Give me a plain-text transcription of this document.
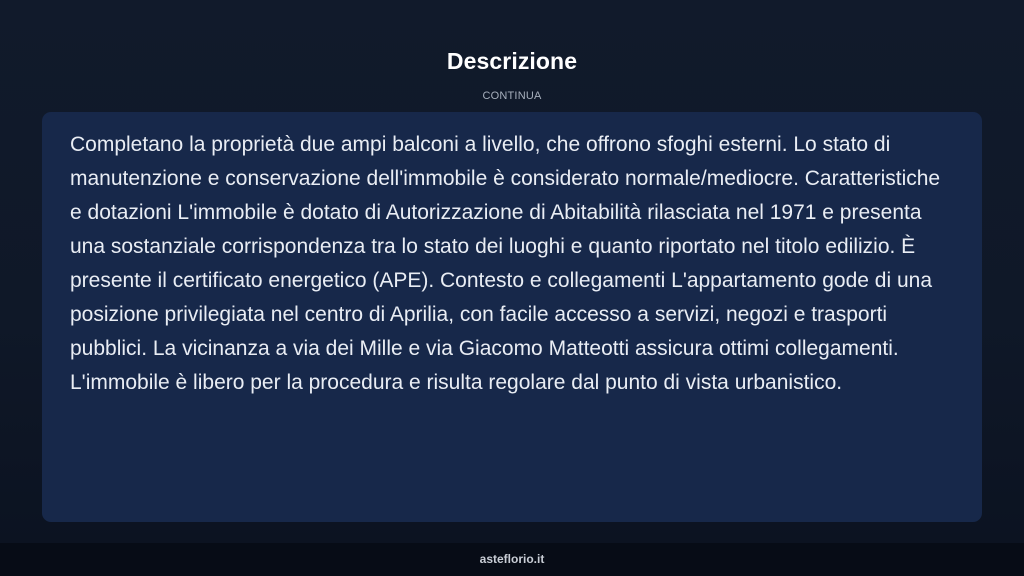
Descrizione
CONTINUA

Completano la proprietà due ampi balconi a livello, che offrono sfoghi esterni. Lo stato di manutenzione e conservazione dell'immobile è considerato normale/mediocre. Caratteristiche e dotazioni L'immobile è dotato di Autorizzazione di Abitabilità rilasciata nel 1971 e presenta una sostanziale corrispondenza tra lo stato dei luoghi e quanto riportato nel titolo edilizio. È presente il certificato energetico (APE). Contesto e collegamenti L'appartamento gode di una posizione privilegiata nel centro di Aprilia, con facile accesso a servizi, negozi e trasporti pubblici. La vicinanza a via dei Mille e via Giacomo Matteotti assicura ottimi collegamenti. L'immobile è libero per la procedura e risulta regolare dal punto di vista urbanistico.

asteflorio.it
